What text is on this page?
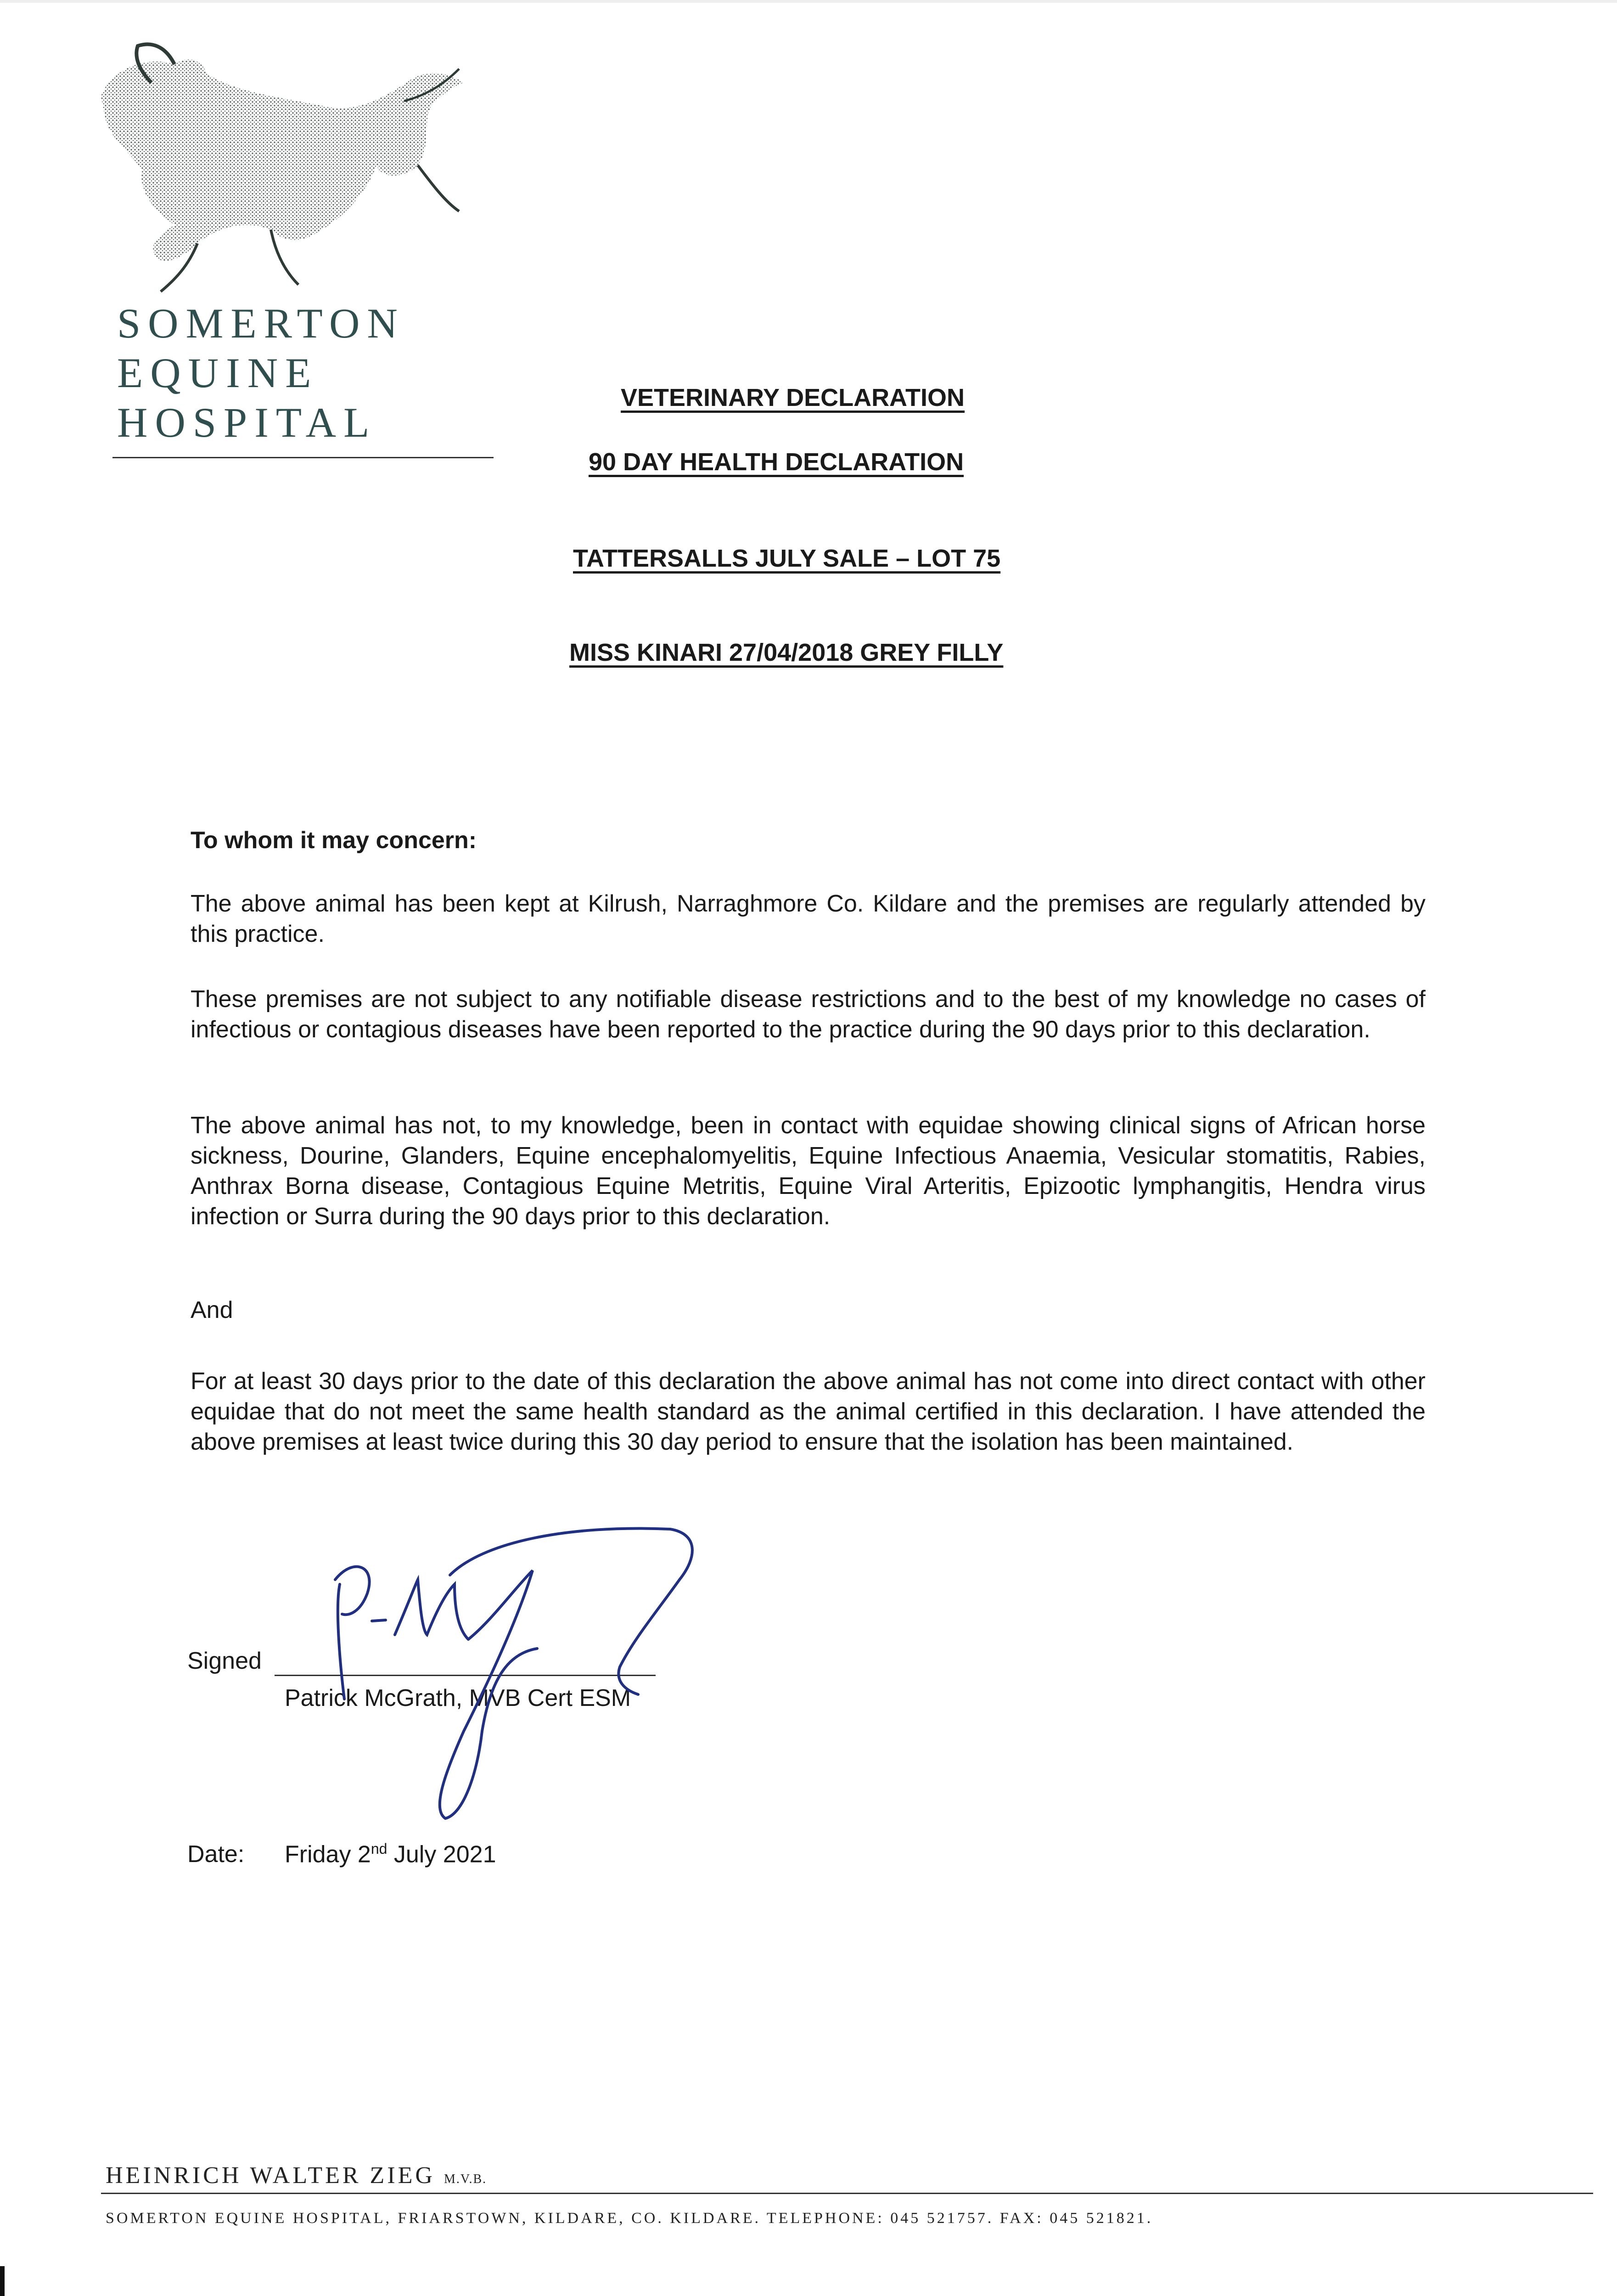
SOMERTON
EQUINE
HOSPITAL
VETERINARY DECLARATION
90 DAY HEALTH DECLARATION
TATTERSALLS JULY SALE – LOT 75
MISS KINARI 27/04/2018 GREY FILLY
To whom it may concern:
The above animal has been kept at Kilrush, Narraghmore Co. Kildare and the premises are regularly attended by this practice.
These premises are not subject to any notifiable disease restrictions and to the best of my knowledge no cases of infectious or contagious diseases have been reported to the practice during the 90 days prior to this declaration.
The above animal has not, to my knowledge, been in contact with equidae showing clinical signs of African horse sickness, Dourine, Glanders, Equine encephalomyelitis, Equine Infectious Anaemia, Vesicular stomatitis, Rabies, Anthrax Borna disease, Contagious Equine Metritis, Equine Viral Arteritis, Epizootic lymphangitis, Hendra virus infection or Surra during the 90 days prior to this declaration.
And
For at least 30 days prior to the date of this declaration the above animal has not come into direct contact with other equidae that do not meet the same health standard as the animal certified in this declaration. I have attended the above premises at least twice during this 30 day period to ensure that the isolation has been maintained.
Signed
Patrick McGrath, MVB Cert ESM
Date: Friday 2nd July 2021
HEINRICH WALTER ZIEG M.V.B.
SOMERTON EQUINE HOSPITAL, FRIARSTOWN, KILDARE, CO. KILDARE. TELEPHONE: 045 521757. FAX: 045 521821.
